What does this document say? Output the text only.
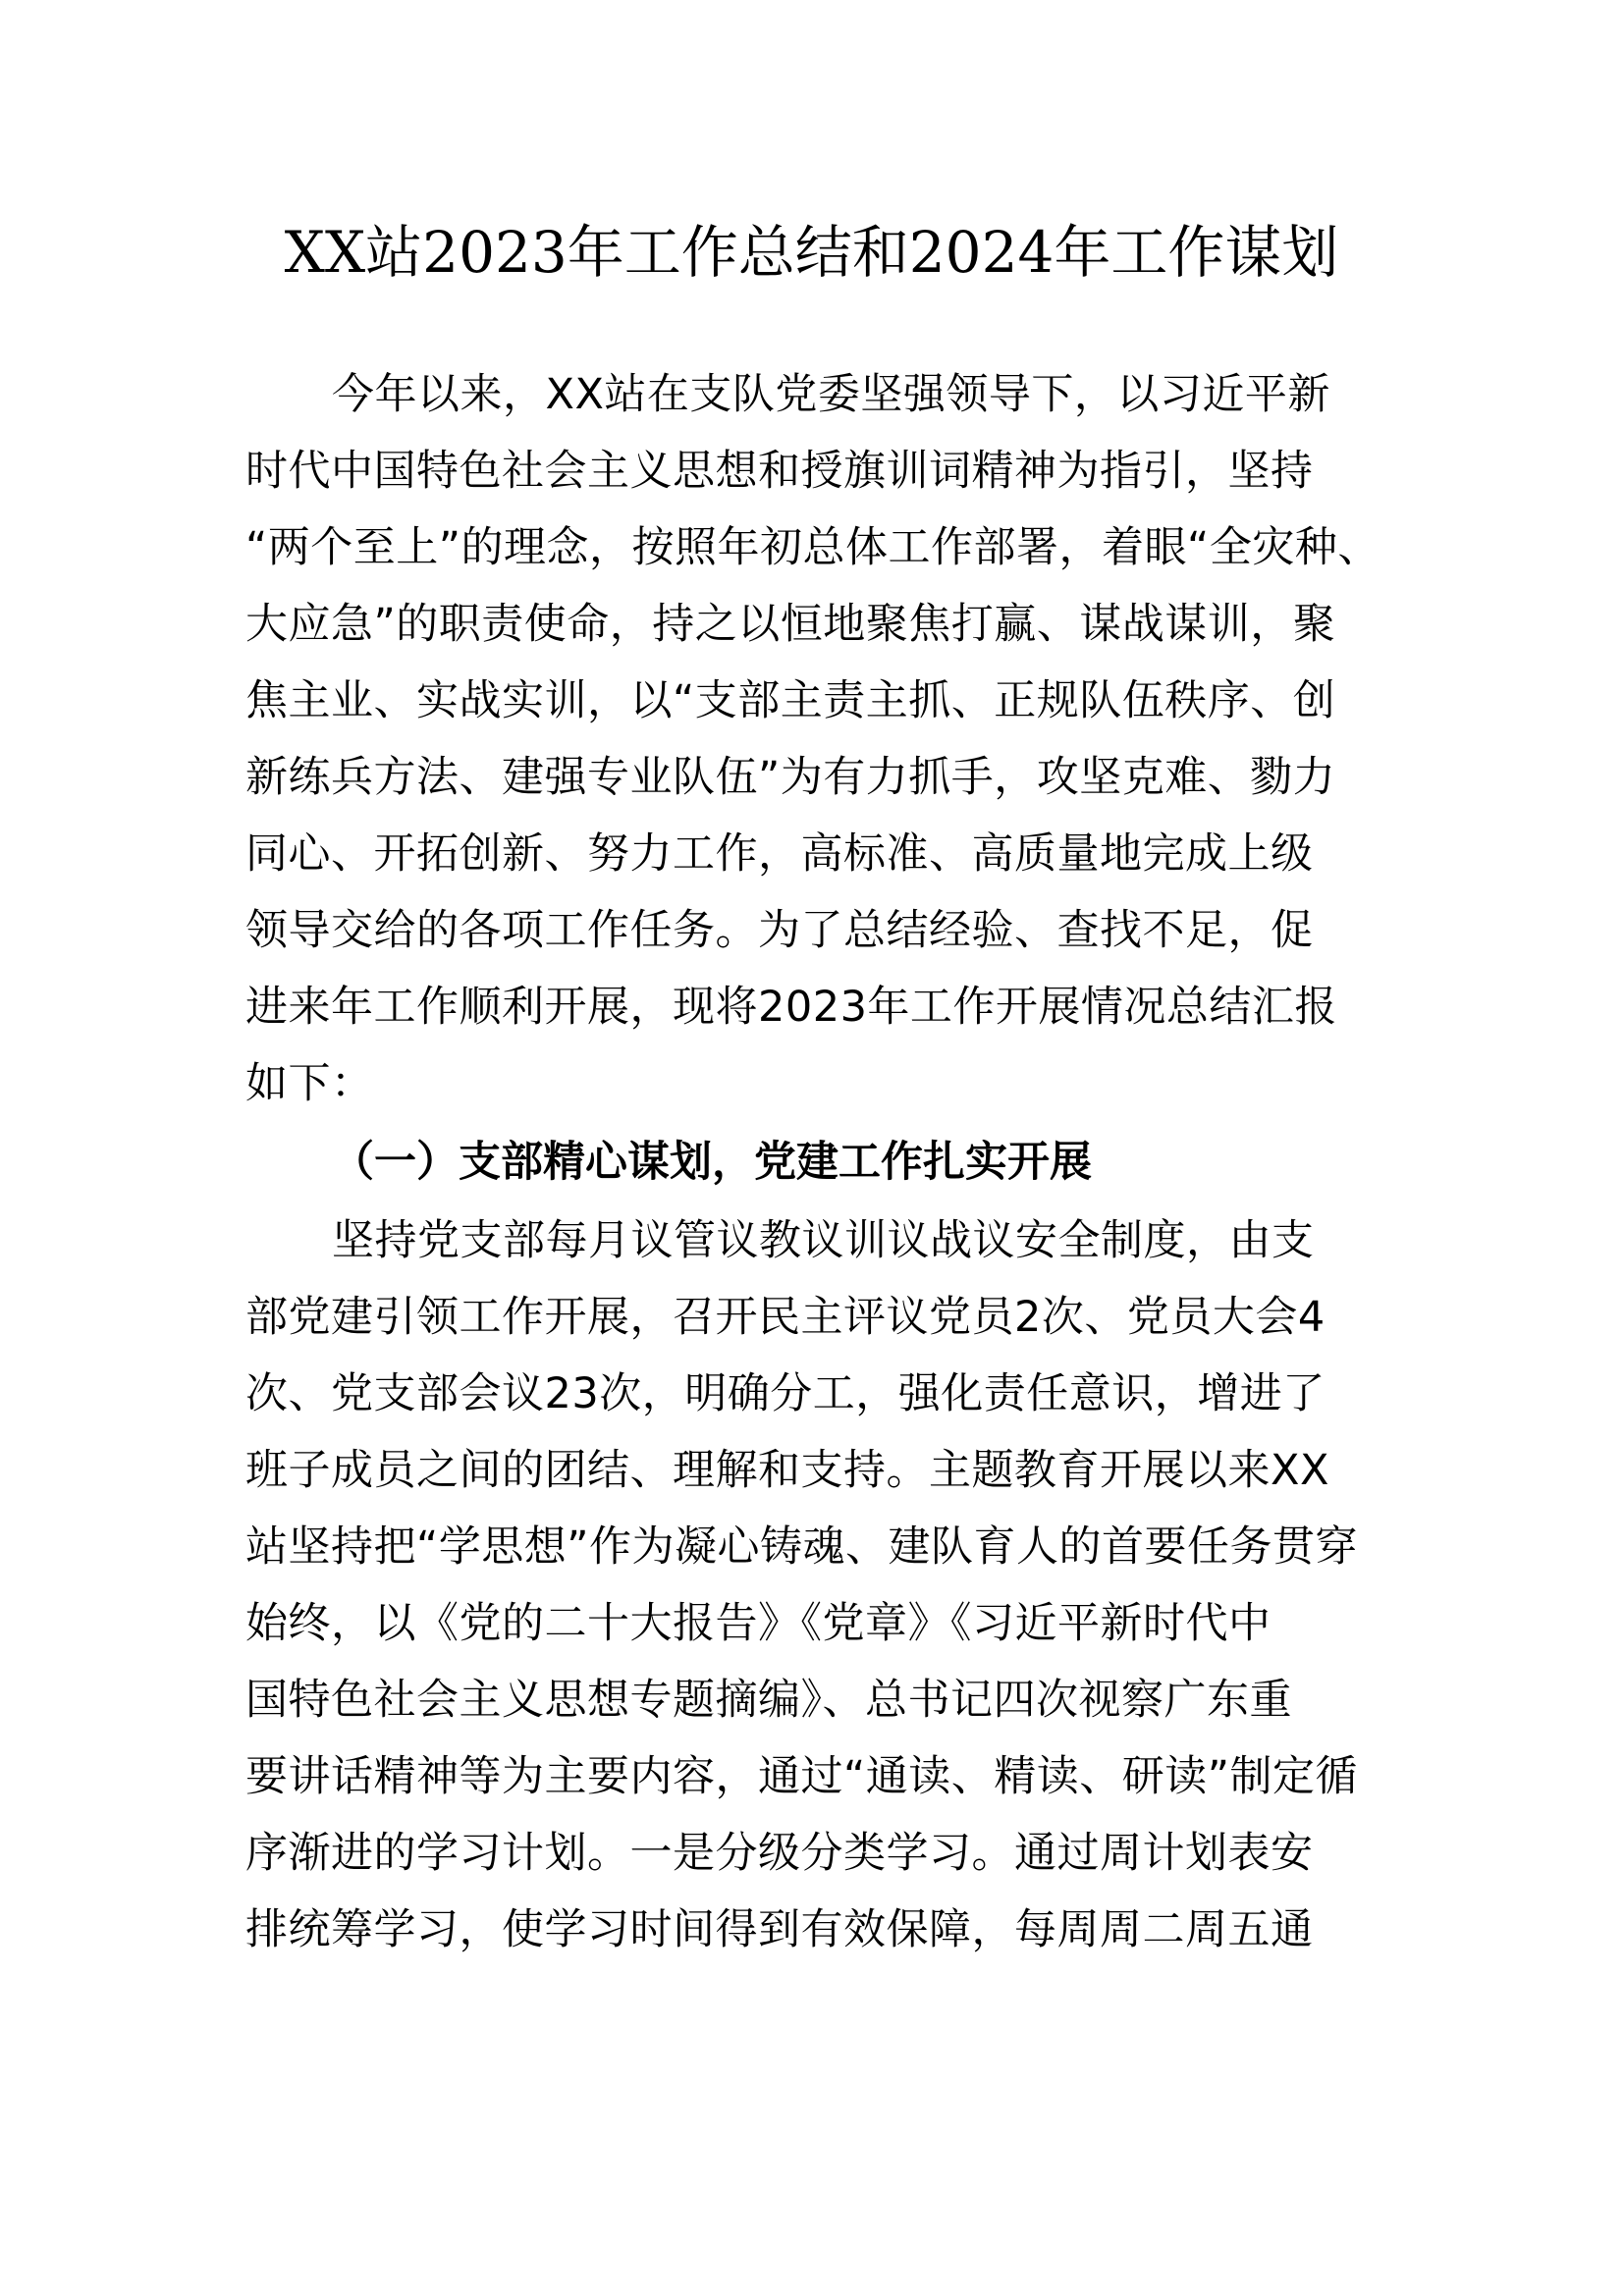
XX站2023年工作总结和2024年工作谋划

今年以来，XX站在支队党委坚强领导下，以习近平新

时代中国特色社会主义思想和授旗训词精神为指引，坚持

“两个至上”的理念，按照年初总体工作部署，着眼“全灾种、

大应急”的职责使命，持之以恒地聚焦打赢、谋战谋训，聚

焦主业、实战实训，以“支部主责主抓、正规队伍秩序、创

新练兵方法、建强专业队伍”为有力抓手，攻坚克难、勠力

同心、开拓创新、努力工作，高标准、高质量地完成上级

领导交给的各项工作任务。为了总结经验、查找不足，促

进来年工作顺利开展，现将2023年工作开展情况总结汇报

如下：

（一）支部精心谋划，党建工作扎实开展

坚持党支部每月议管议教议训议战议安全制度，由支

部党建引领工作开展，召开民主评议党员2次、党员大会4

次、党支部会议23次，明确分工，强化责任意识，增进了

班子成员之间的团结、理解和支持。主题教育开展以来XX

站坚持把“学思想”作为凝心铸魂、建队育人的首要任务贯穿

始终，以《党的二十大报告》《党章》《习近平新时代中

国特色社会主义思想专题摘编》、总书记四次视察广东重

要讲话精神等为主要内容，通过“通读、精读、研读”制定循

序渐进的学习计划。一是分级分类学习。通过周计划表安

排统筹学习，使学习时间得到有效保障，每周周二周五通
